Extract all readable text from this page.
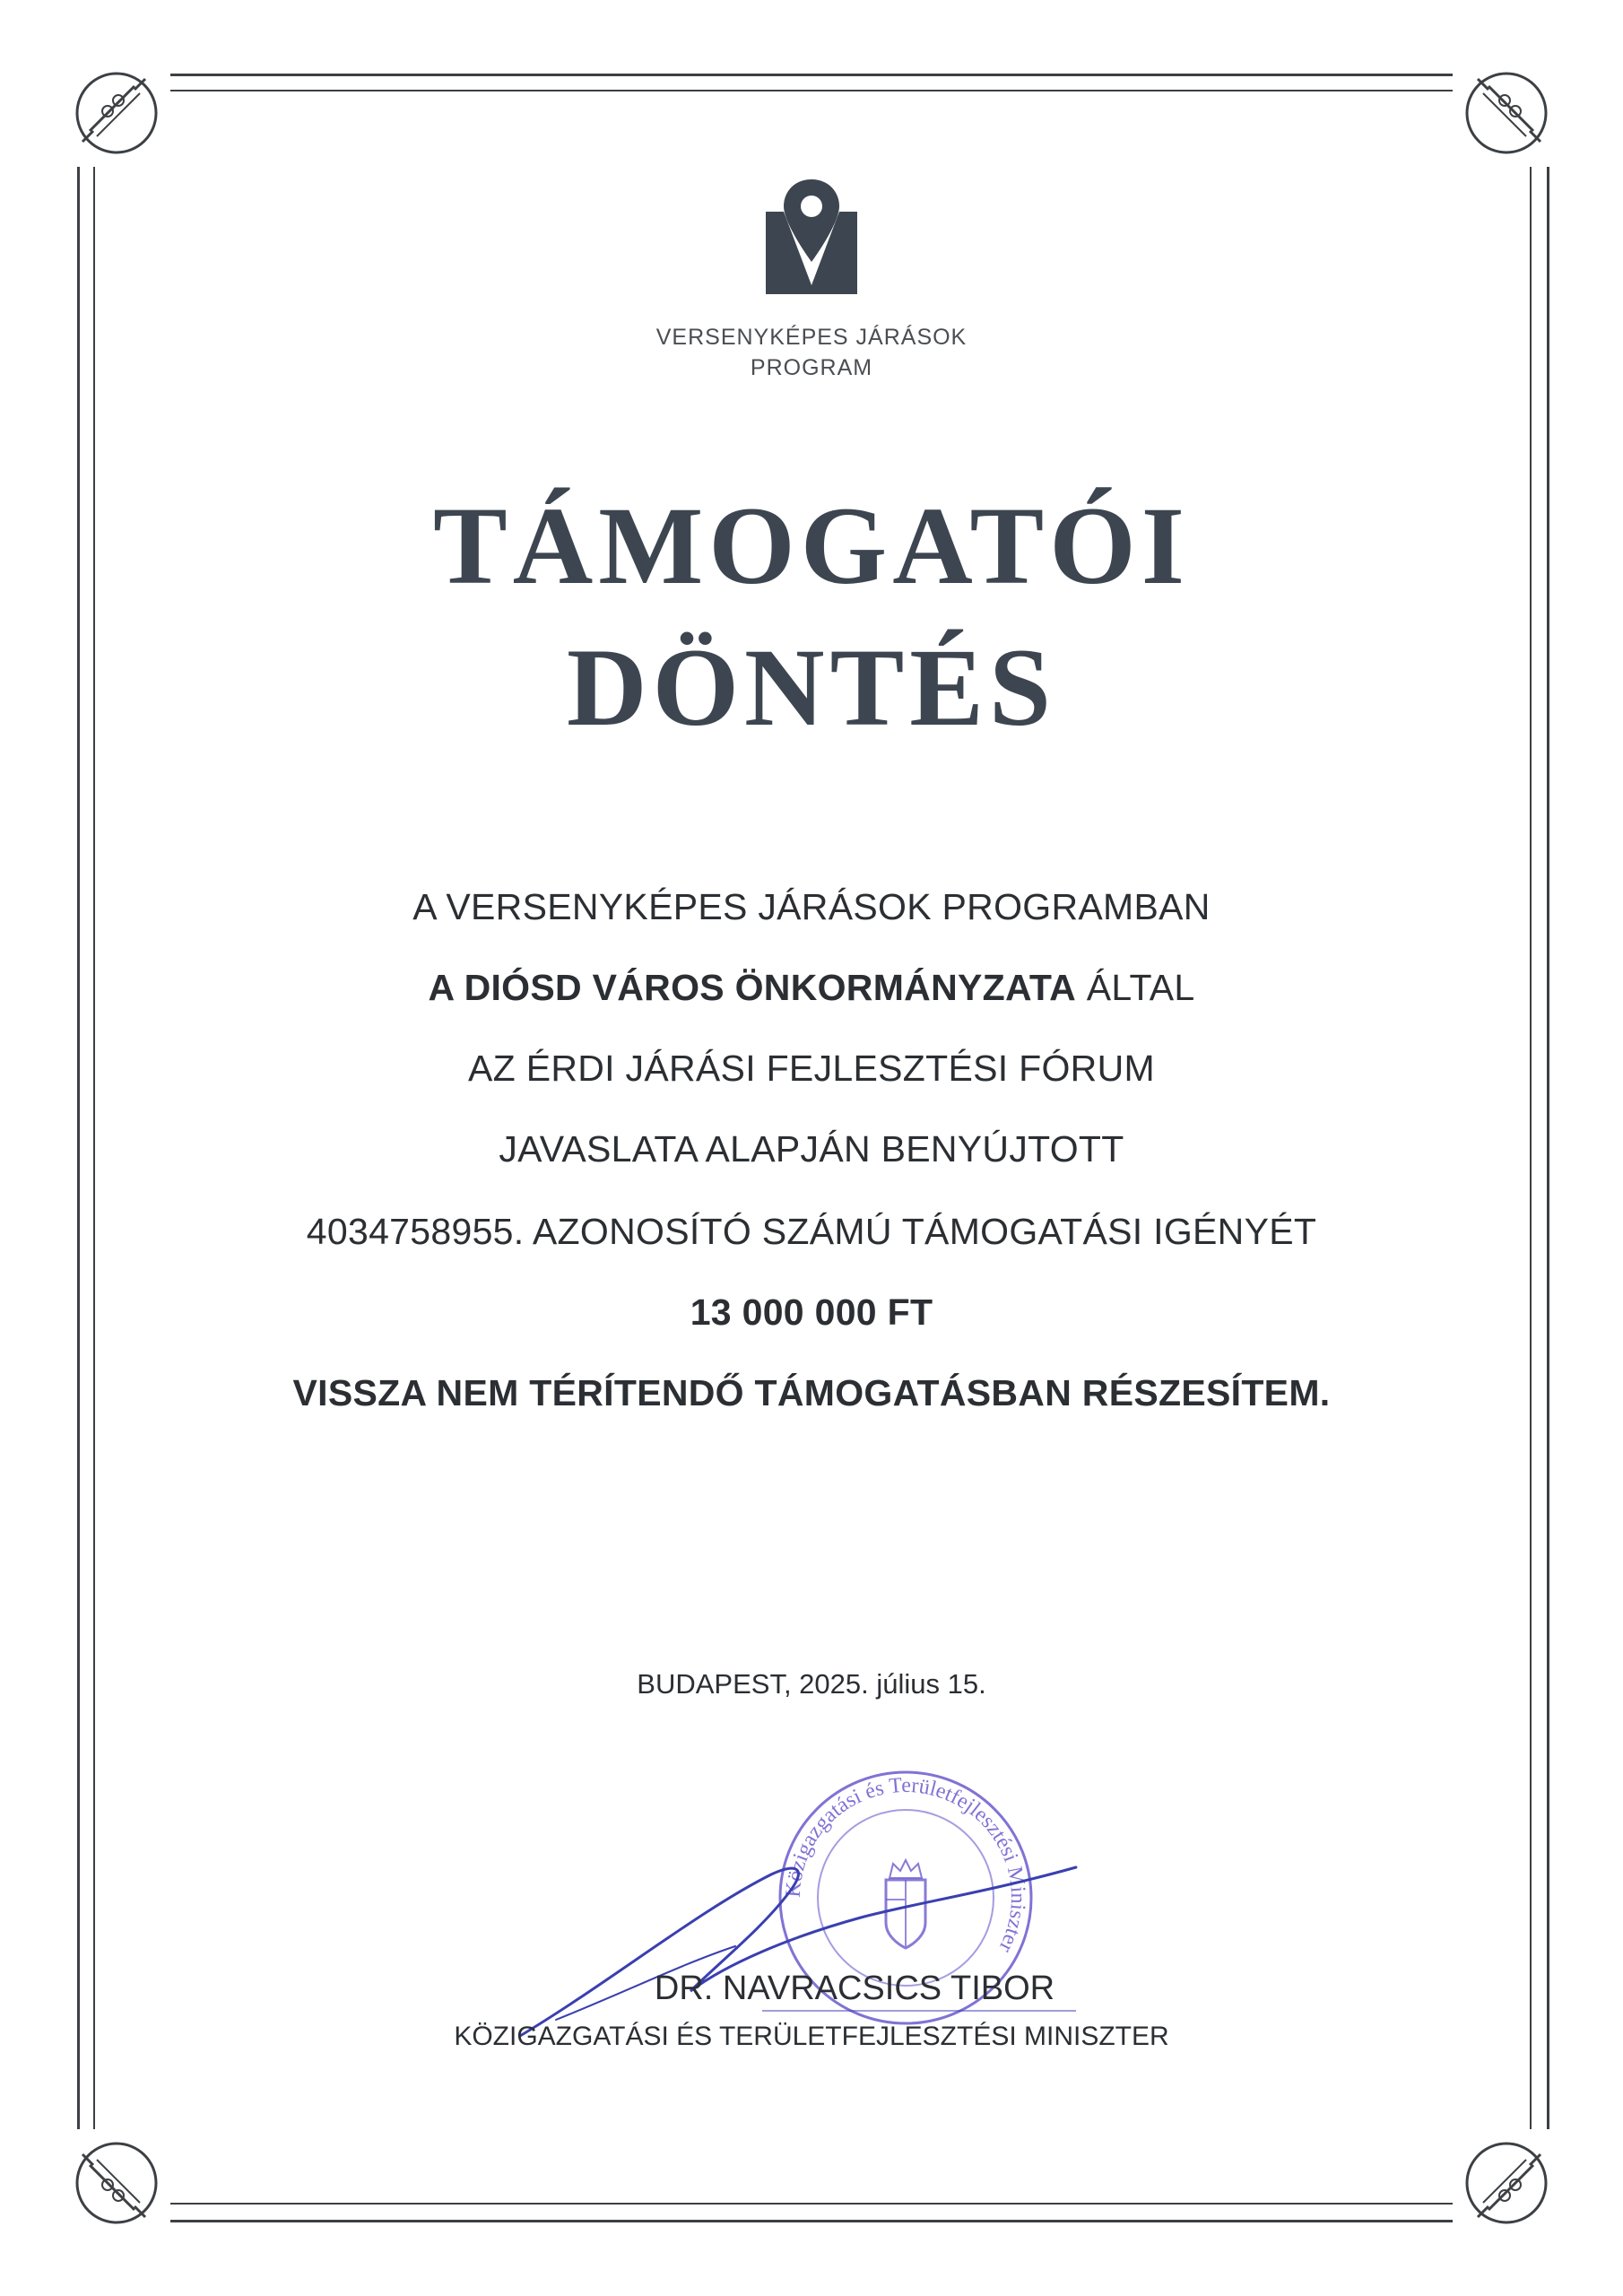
VERSENYKÉPES JÁRÁSOK
PROGRAM
TÁMOGATÓI
DÖNTÉS
A VERSENYKÉPES JÁRÁSOK PROGRAMBAN
A DIÓSD VÁROS ÖNKORMÁNYZATA ÁLTAL
AZ ÉRDI JÁRÁSI FEJLESZTÉSI FÓRUM
JAVASLATA ALAPJÁN BENYÚJTOTT
4034758955. AZONOSÍTÓ SZÁMÚ TÁMOGATÁSI IGÉNYÉT
13 000 000 FT
VISSZA NEM TÉRÍTENDŐ TÁMOGATÁSBAN RÉSZESÍTEM.
BUDAPEST, 2025. július 15.
Közigazgatási és Területfejlesztési Miniszter
DR. NAVRACSICS TIBOR
KÖZIGAZGATÁSI ÉS TERÜLETFEJLESZTÉSI MINISZTER
